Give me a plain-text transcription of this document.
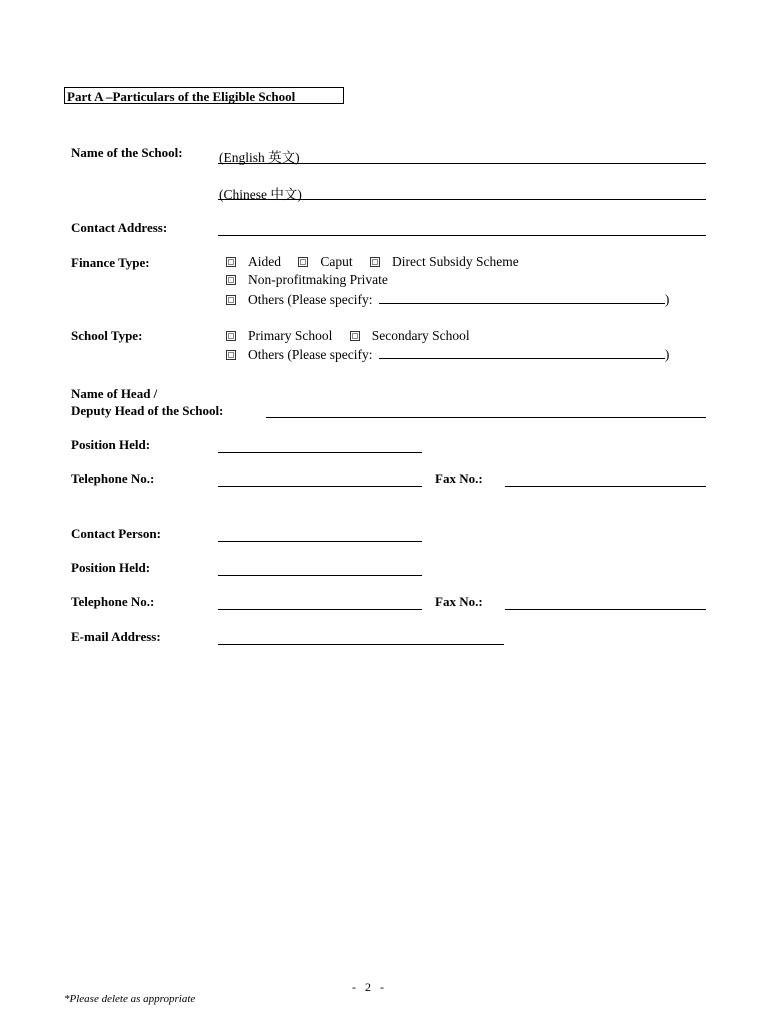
Part A –Particulars of the Eligible School
Name of the School:	(English 英文)
(Chinese 中文)
Contact Address:
Finance Type:	Aided	Caput	Direct Subsidy Scheme
Non-profitmaking Private
Others (Please specify:	)
School Type:	Primary School	Secondary School
Others (Please specify:	)
Name of Head /
Deputy Head of the School:
Position Held:
Telephone No.:	Fax No.:
Contact Person:
Position Held:
Telephone No.:	Fax No.:
E-mail Address:
-   2   -
*Please delete as appropriate
